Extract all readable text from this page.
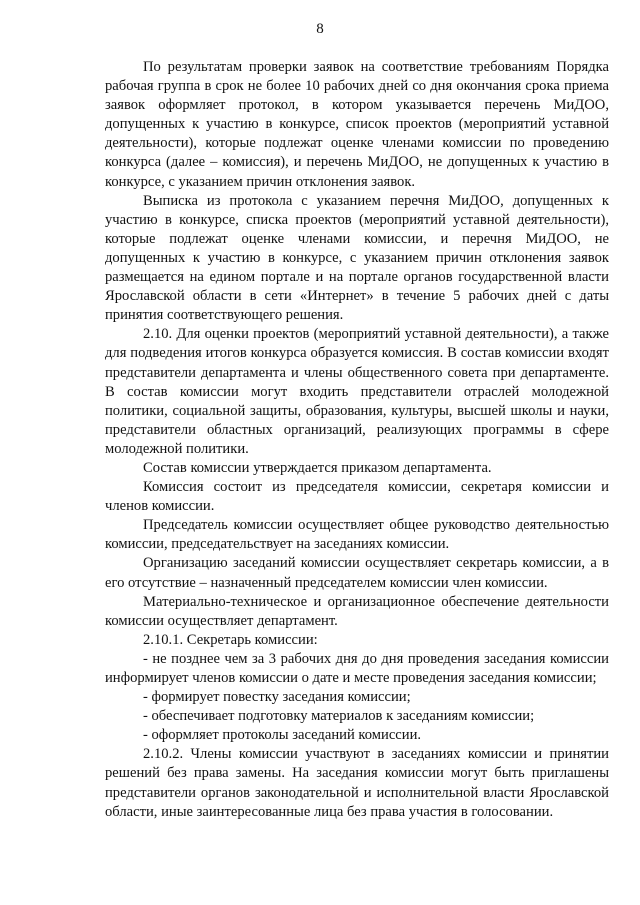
8

По результатам проверки заявок на соответствие требованиям Порядка рабочая группа в срок не более 10 рабочих дней со дня окончания срока приема заявок оформляет протокол, в котором указывается перечень МиДОО, допущенных к участию в конкурсе, список проектов (мероприятий уставной деятельности), которые подлежат оценке членами комиссии по проведению конкурса (далее – комиссия), и перечень МиДОО, не допущенных к участию в конкурсе, с указанием причин отклонения заявок.

Выписка из протокола с указанием перечня МиДОО, допущенных к участию в конкурсе, списка проектов (мероприятий уставной деятельности), которые подлежат оценке членами комиссии, и перечня МиДОО, не допущенных к участию в конкурсе, с указанием причин отклонения заявок размещается на едином портале и на портале органов государственной власти Ярославской области в сети «Интернет» в течение 5 рабочих дней с даты принятия соответствующего решения.

2.10. Для оценки проектов (мероприятий уставной деятельности), а также для подведения итогов конкурса образуется комиссия. В состав комиссии входят представители департамента и члены общественного совета при департаменте. В состав комиссии могут входить представители отраслей молодежной политики, социальной защиты, образования, культуры, высшей школы и науки, представители областных организаций, реализующих программы в сфере молодежной политики.

Состав комиссии утверждается приказом департамента.

Комиссия состоит из председателя комиссии, секретаря комиссии и членов комиссии.

Председатель комиссии осуществляет общее руководство деятельностью комиссии, председательствует на заседаниях комиссии.

Организацию заседаний комиссии осуществляет секретарь комиссии, а в его отсутствие – назначенный председателем комиссии член комиссии.

Материально-техническое и организационное обеспечение деятельности комиссии осуществляет департамент.

2.10.1. Секретарь комиссии:

- не позднее чем за 3 рабочих дня до дня проведения заседания комиссии информирует членов комиссии о дате и месте проведения заседания комиссии;

- формирует повестку заседания комиссии;

- обеспечивает подготовку материалов к заседаниям комиссии;

- оформляет протоколы заседаний комиссии.

2.10.2. Члены комиссии участвуют в заседаниях комиссии и принятии решений без права замены. На заседания комиссии могут быть приглашены представители органов законодательной и исполнительной власти Ярославской области, иные заинтересованные лица без права участия в голосовании.
